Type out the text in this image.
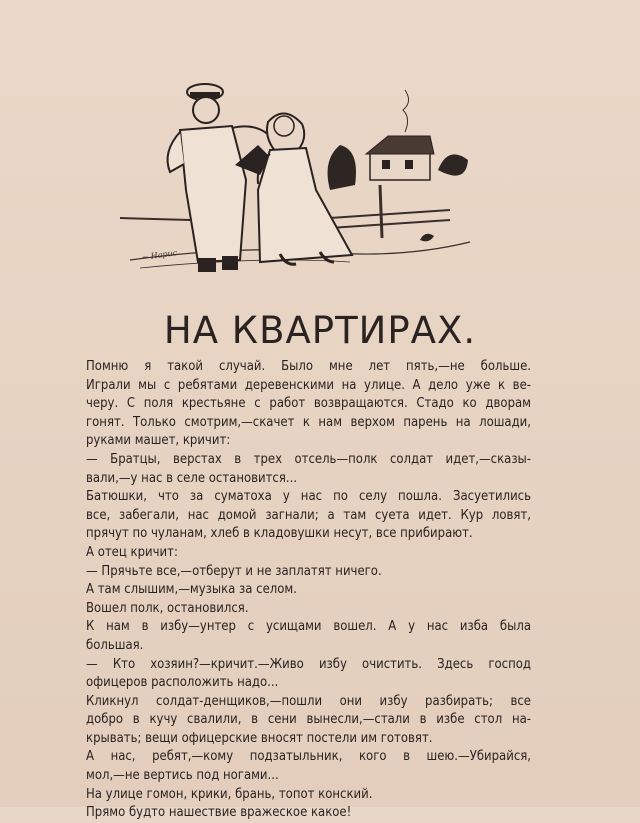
~ Нарис
НА КВАРТИРАХ.
Помню я такой случай. Было мне лет пять,—не больше.
Играли мы с ребятами деревенскими на улице. А дело уже к ве-
черу. С поля крестьяне с работ возвращаются. Стадо ко дворам
гонят. Только смотрим,—скачет к нам верхом парень на лошади,
руками машет, кричит:
— Братцы, верстах в трех отсель—полк солдат идет,—сказы-
вали,—у нас в селе остановится...
Батюшки, что за суматоха у нас по селу пошла. Засуетились
все, забегали, нас домой загнали; а там суета идет. Кур ловят,
прячут по чуланам, хлеб в кладовушки несут, все прибирают.
А отец кричит:
— Прячьте все,—отберут и не заплатят ничего.
А там слышим,—музыка за селом.
Вошел полк, остановился.
К нам в избу—унтер с усищами вошел. А у нас изба была
большая.
— Кто хозяин?—кричит.—Живо избу очистить. Здесь господ
офицеров расположить надо...
Кликнул солдат-денщиков,—пошли они избу разбирать; все
добро в кучу свалили, в сени вынесли,—стали в избе стол на-
крывать; вещи офицерские вносят постели им готовят.
А нас, ребят,—кому подзатыльник, кого в шею.—Убирайся,
мол,—не вертись под ногами...
На улице гомон, крики, брань, топот конский.
Прямо будто нашествие вражеское какое!
